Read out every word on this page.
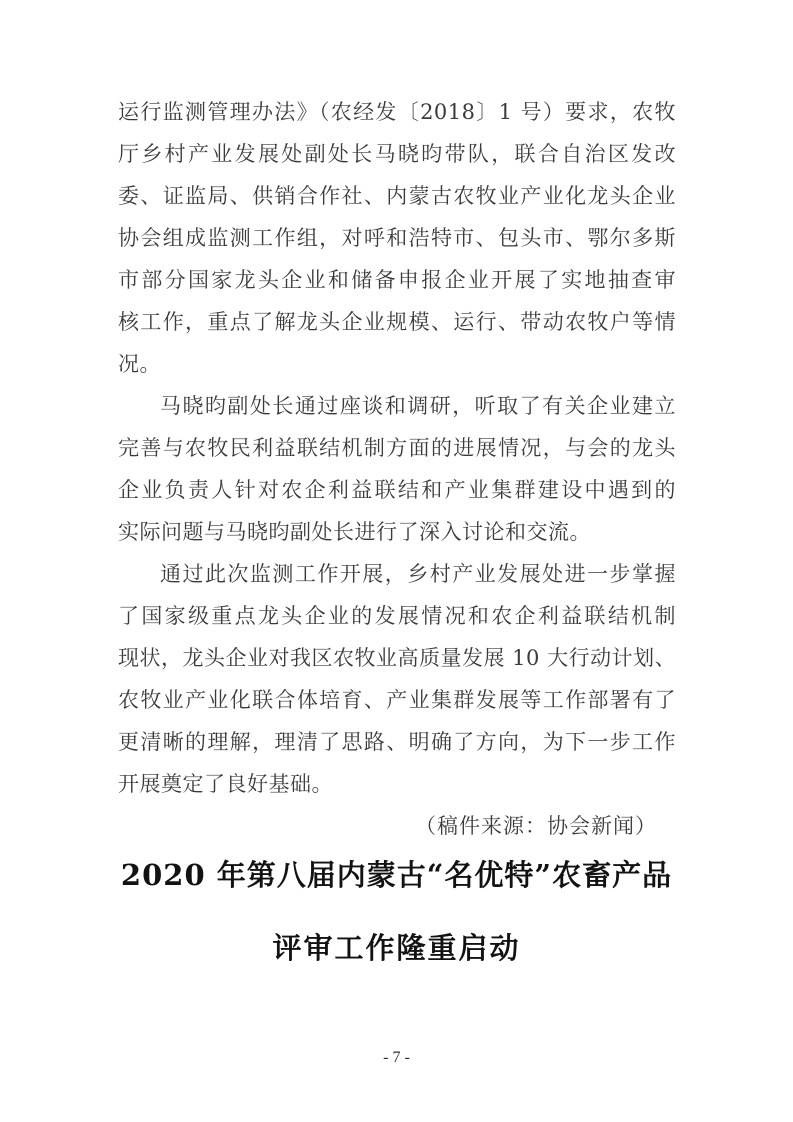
运行监测管理办法》（农经发〔2018〕1 号）要求，农牧
厅乡村产业发展处副处长马晓昀带队，联合自治区发改
委、证监局、供销合作社、内蒙古农牧业产业化龙头企业
协会组成监测工作组，对呼和浩特市、包头市、鄂尔多斯
市部分国家龙头企业和储备申报企业开展了实地抽查审
核工作，重点了解龙头企业规模、运行、带动农牧户等情
况。
马晓昀副处长通过座谈和调研，听取了有关企业建立
完善与农牧民利益联结机制方面的进展情况，与会的龙头
企业负责人针对农企利益联结和产业集群建设中遇到的
实际问题与马晓昀副处长进行了深入讨论和交流。
通过此次监测工作开展，乡村产业发展处进一步掌握
了国家级重点龙头企业的发展情况和农企利益联结机制
现状，龙头企业对我区农牧业高质量发展 10 大行动计划、
农牧业产业化联合体培育、产业集群发展等工作部署有了
更清晰的理解，理清了思路、明确了方向，为下一步工作
开展奠定了良好基础。
（稿件来源：协会新闻）
2020 年第八届内蒙古“名优特”农畜产品
评审工作隆重启动
- 7 -
